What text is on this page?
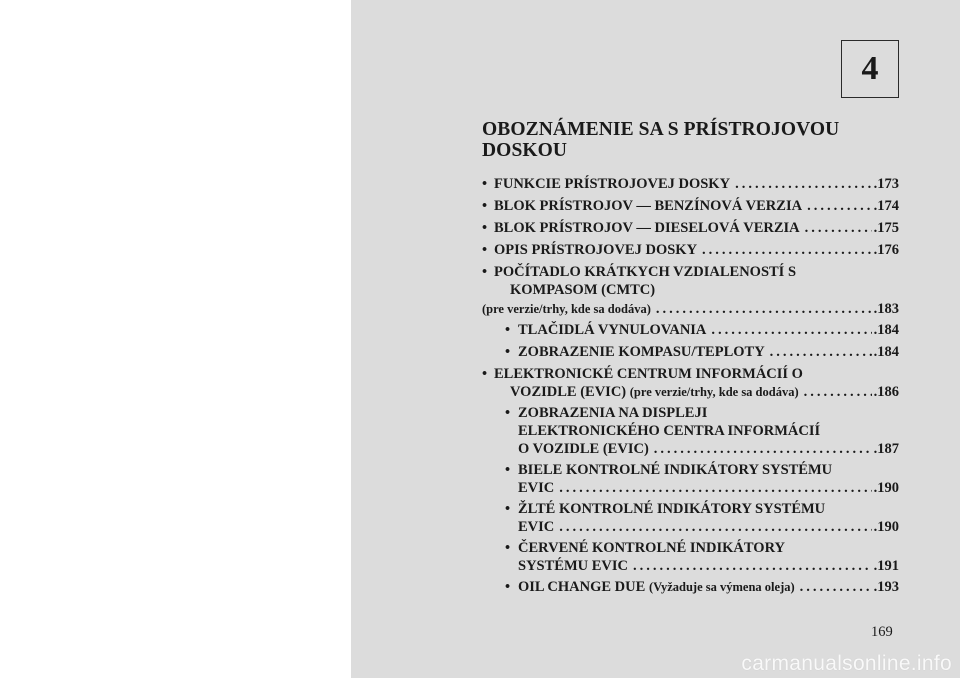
4
OBOZNÁMENIE SA S PRÍSTROJOVOU
DOSKOU
• FUNKCIE PRÍSTROJOVEJ DOSKY .....	.173
• BLOK PRÍSTROJOV — BENZÍNOVÁ VERZIA .....	.174
• BLOK PRÍSTROJOV — DIESELOVÁ VERZIA .....	.175
• OPIS PRÍSTROJOVEJ DOSKY .....	.176
• POČÍTADLO KRÁTKYCH VZDIALENOSTÍ S
KOMPASOM (CMTC)
(pre verzie/trhy, kde sa dodáva) .....	.183
• TLAČIDLÁ VYNULOVANIA .....	.184
• ZOBRAZENIE KOMPASU/TEPLOTY .....	.184
• ELEKTRONICKÉ CENTRUM INFORMÁCIÍ O
VOZIDLE (EVIC)
(pre verzie/trhy, kde sa dodáva) .....	.186
• ZOBRAZENIA NA DISPLEJI
ELEKTRONICKÉHO CENTRA INFORMÁCIÍ
O VOZIDLE (EVIC) .....	.187
• BIELE KONTROLNÉ INDIKÁTORY SYSTÉMU
EVIC .....	.190
• ŽLTÉ KONTROLNÉ INDIKÁTORY SYSTÉMU
EVIC .....	.190
• ČERVENÉ KONTROLNÉ INDIKÁTORY
SYSTÉMU EVIC .....	.191
• OIL CHANGE DUE
(Vyžaduje sa výmena oleja) .....	.193
169
carmanualsonline.info
